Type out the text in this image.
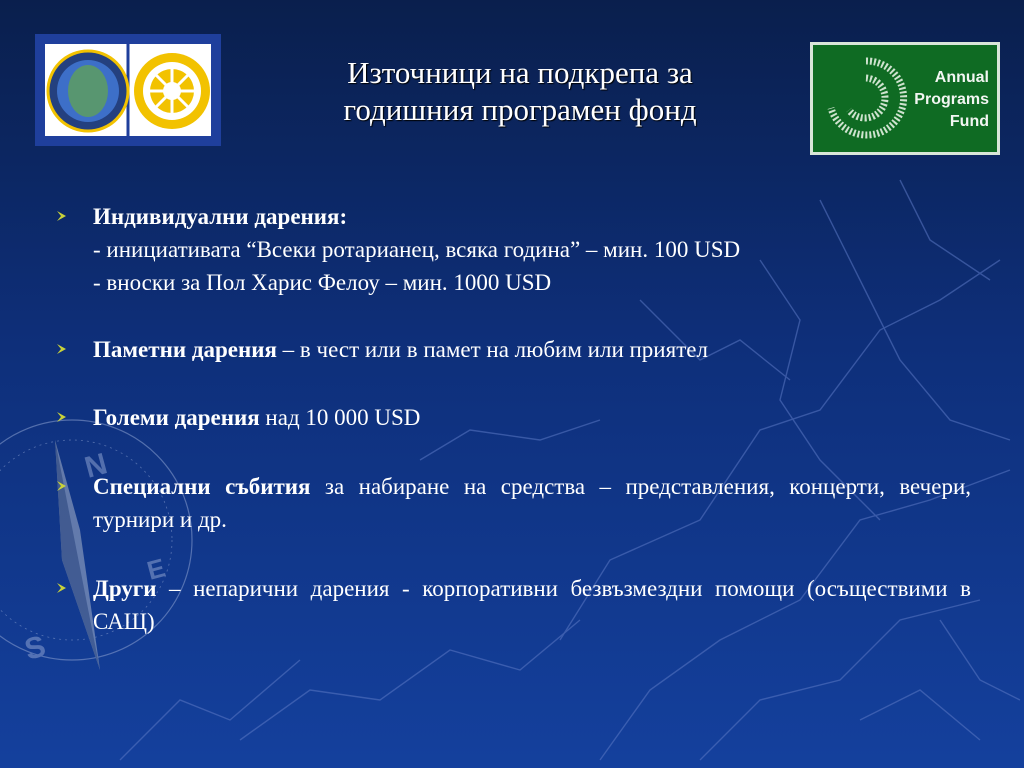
N
S
E
Annual
Programs
Fund
Източници на подкрепа за
годишния програмен фонд
Индивидуални дарения:
- инициативата “Всеки ротарианец, всяка година” – мин. 100 USD
- вноски за Пол Харис Фелоу – мин. 1000 USD
Паметни дарения – в чест или в памет на любим или приятел
Големи дарения над 10 000 USD
Специални събития за набиране на средства – представления, концерти, вечери, турнири и др.
Други – непарични дарения - корпоративни безвъзмездни помощи (осъществими в САЩ)
